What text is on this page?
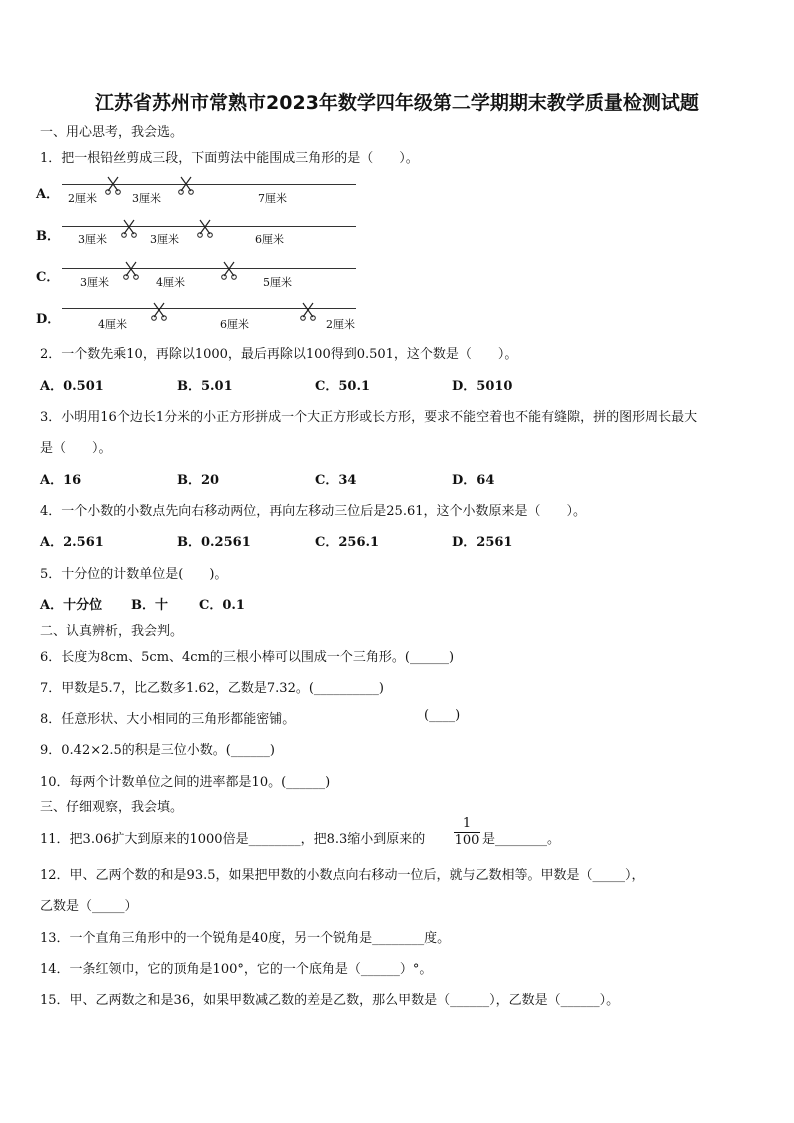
江苏省苏州市常熟市2023年数学四年级第二学期期末教学质量检测试题
一、用心思考，我会选。
1．把一根铅丝剪成三段，下面剪法中能围成三角形的是（　　）。
A． 2厘米	3厘米	7厘米
B． 3厘米	3厘米	6厘米
C． 3厘米	4厘米	5厘米
D．	4厘米	6厘米	2厘米
2．一个数先乘10，再除以1000，最后再除以100得到0.501，这个数是（　　）。
A．0.501	B．5.01	C．50.1	D．5010
3．小明用16个边长1分米的小正方形拼成一个大正方形或长方形，要求不能空着也不能有缝隙，拼的图形周长最大
是（　　）。
A．16	B．20	C．34	D．64
4．一个小数的小数点先向右移动两位，再向左移动三位后是25.61，这个小数原来是（　　）。
A．2.561	B．0.2561	C．256.1	D．2561
5．十分位的计数单位是(　　)。
A．十分位 B．十 C．0.1
二、认真辨析，我会判。
6．长度为8cm、5cm、4cm的三根小棒可以围成一个三角形。(______)
7．甲数是5.7，比乙数多1.62，乙数是7.32。(__________)
8．任意形状、大小相同的三角形都能密铺。	(____)
9．0.42×2.5的积是三位小数。(______)
10．每两个计数单位之间的进率都是10。(______)
三、仔细观察，我会填。
11．把3.06扩大到原来的1000倍是________，把8.3缩小到原来的 $\frac{1}{100}$ 是________。
12．甲、乙两个数的和是93.5，如果把甲数的小数点向右移动一位后，就与乙数相等。甲数是（_____），
乙数是（_____）
13．一个直角三角形中的一个锐角是40度，另一个锐角是________度。
14．一条红领巾，它的顶角是100°，它的一个底角是（______）°。
15．甲、乙两数之和是36，如果甲数减乙数的差是乙数，那么甲数是（______），乙数是（______）。
